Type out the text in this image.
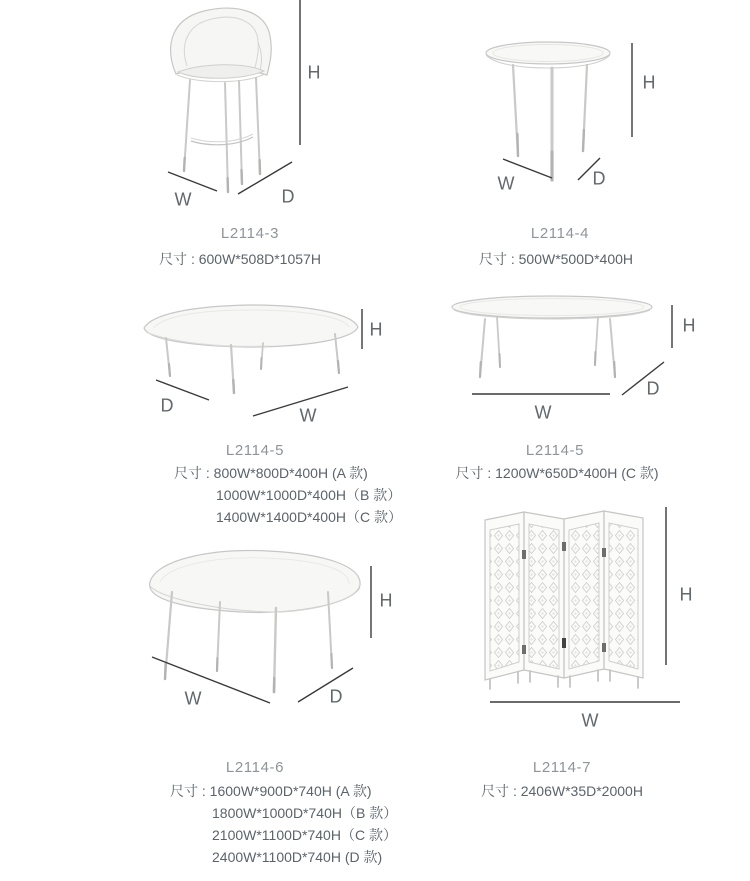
W	D
H
L2114-3
尺寸 : 600W*508D*1057H
W	D
H
L2114-4
尺寸 : 500W*500D*400H
D	W
H
L2114-5
尺寸 : 800W*800D*400H (A 款)
1000W*1000D*400H（B 款）
1400W*1400D*400H（C 款）
W
D
H
L2114-5
尺寸 : 1200W*650D*400H (C 款)
W	D
H
L2114-6
尺寸 : 1600W*900D*740H (A 款)
1800W*1000D*740H（B 款）
2100W*1100D*740H（C 款）
2400W*1100D*740H (D 款)
W
H
L2114-7
尺寸 : 2406W*35D*2000H
